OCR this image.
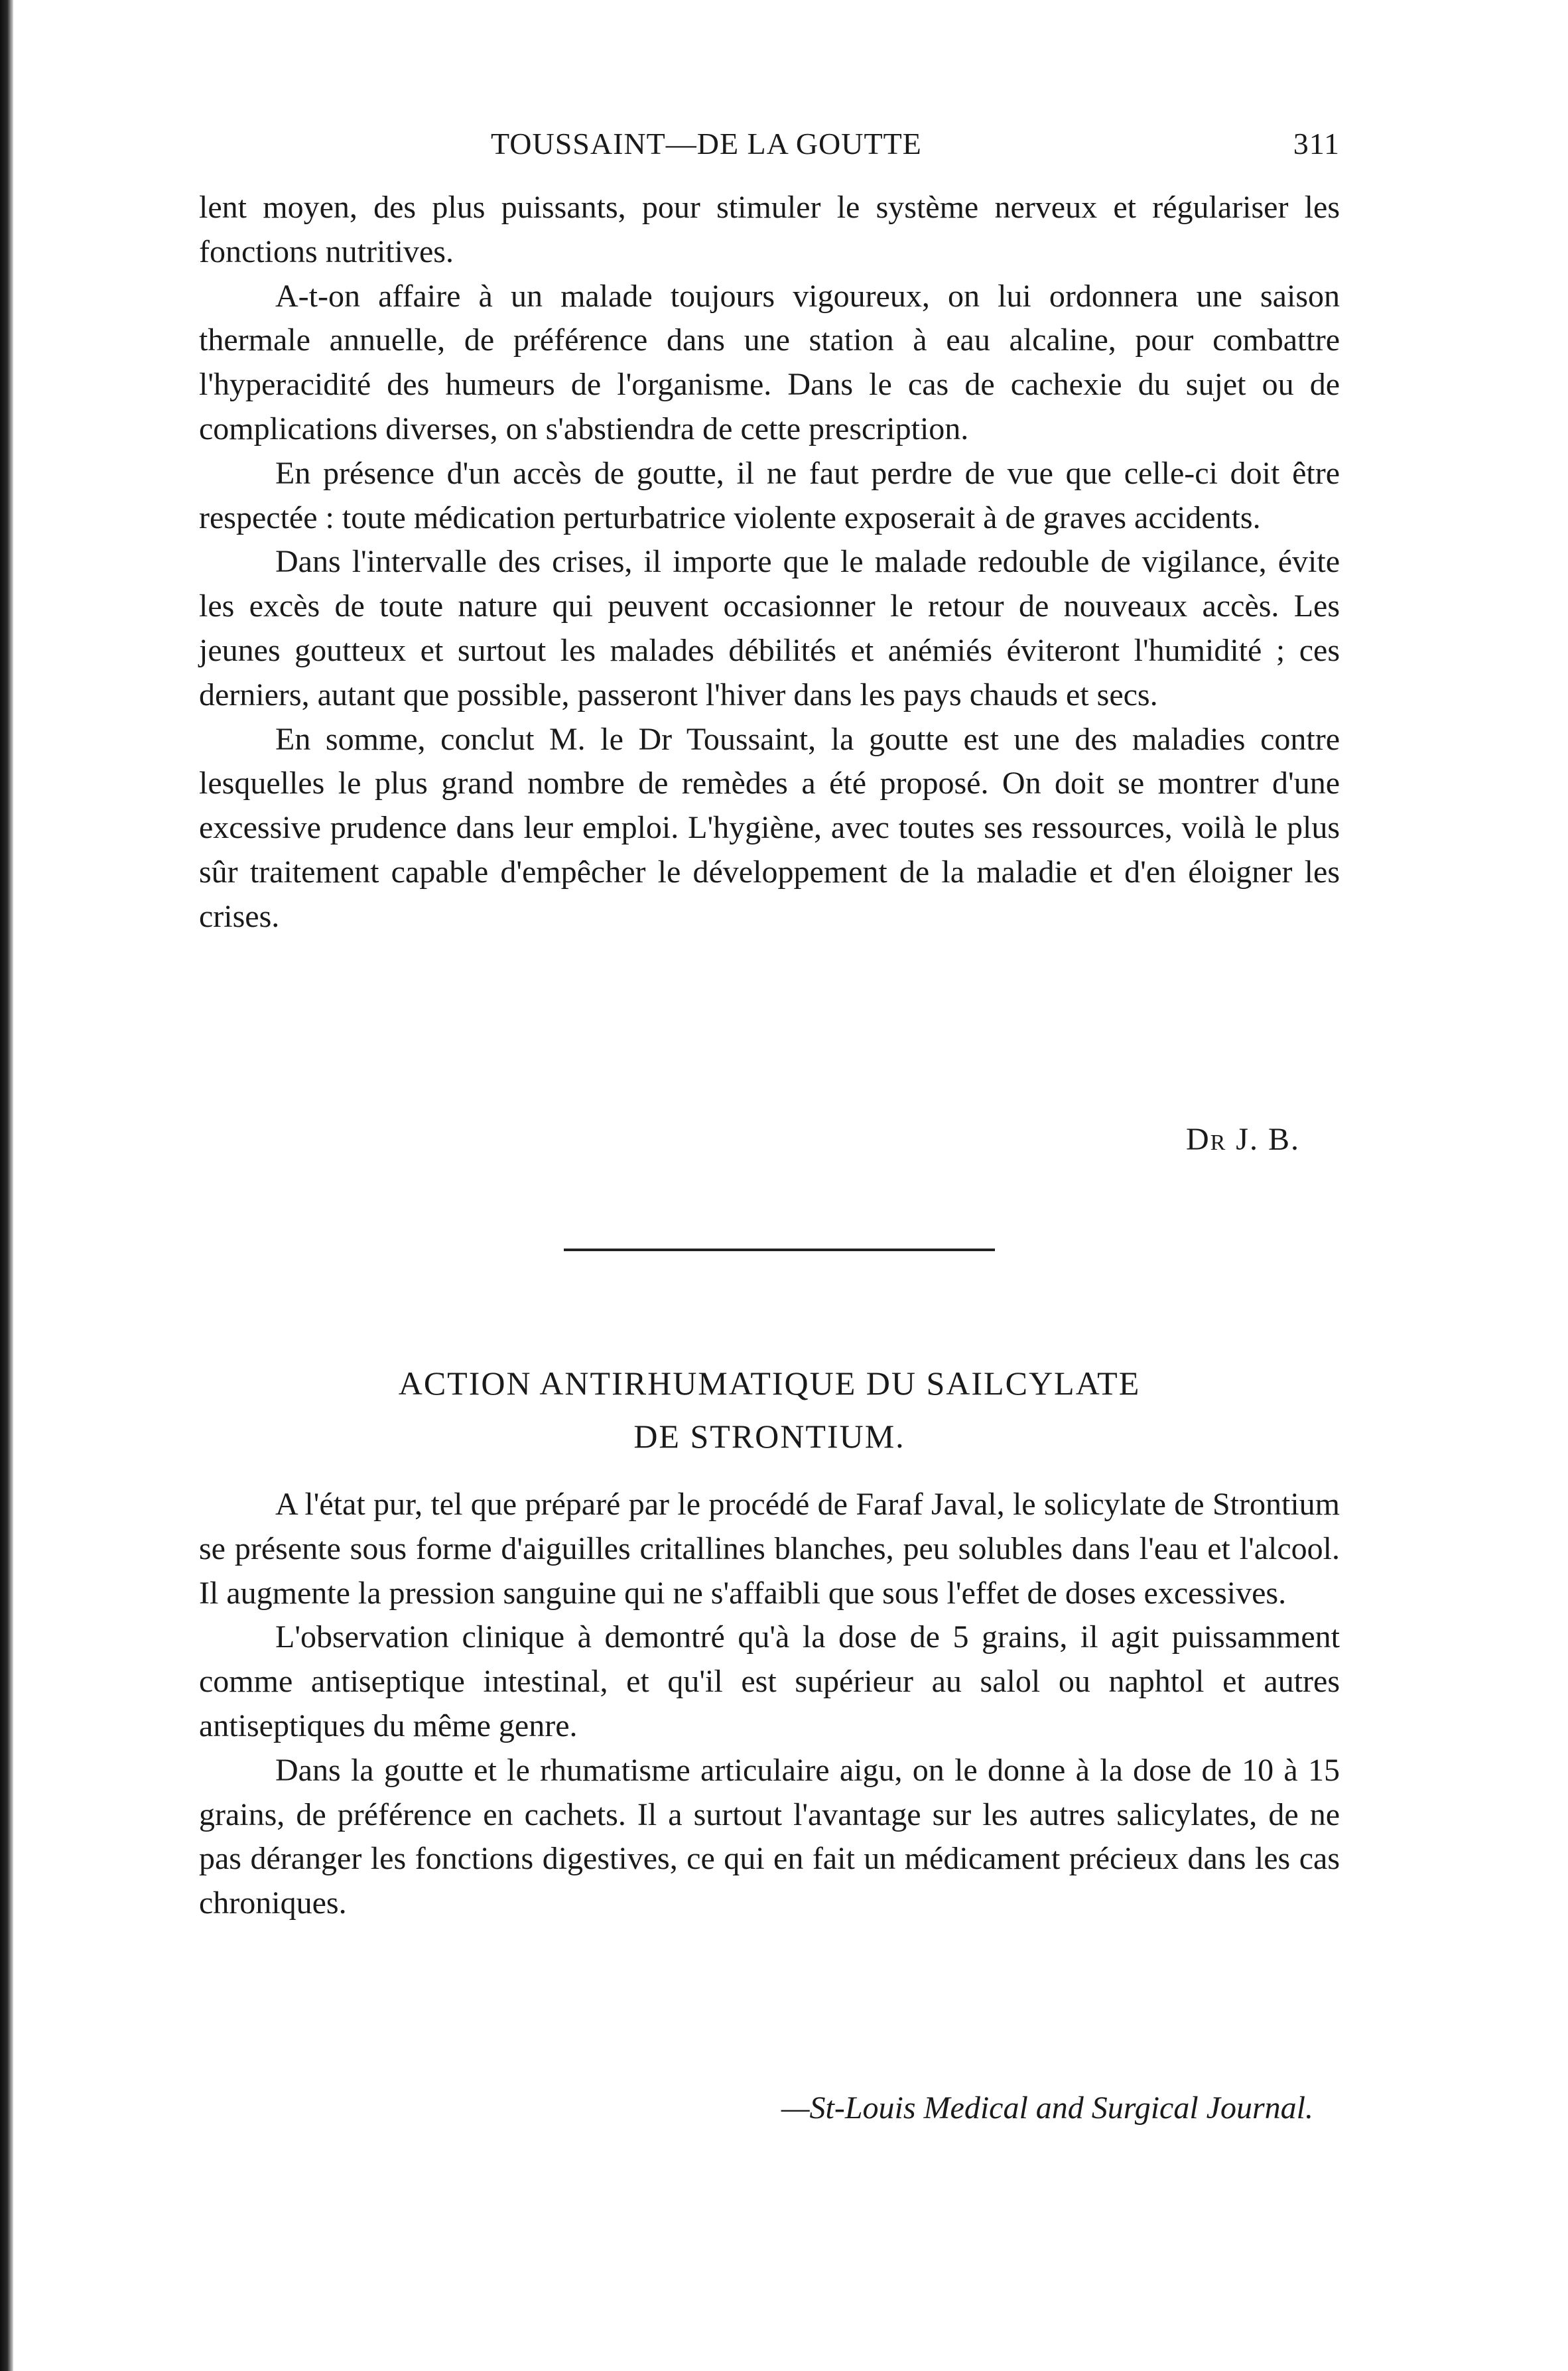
TOUSSAINT—DE LA GOUTTE	311

lent moyen, des plus puissants, pour stimuler le système nerveux et régulariser les fonctions nutritives.

A-t-on affaire à un malade toujours vigoureux, on lui ordonnera une saison thermale annuelle, de préférence dans une station à eau alcaline, pour combattre l'hyperacidité des humeurs de l'organisme. Dans le cas de cachexie du sujet ou de complications diverses, on s'abstiendra de cette prescription.

En présence d'un accès de goutte, il ne faut perdre de vue que celle-ci doit être respectée : toute médication perturbatrice violente exposerait à de graves accidents.

Dans l'intervalle des crises, il importe que le malade redouble de vigilance, évite les excès de toute nature qui peuvent occasionner le retour de nouveaux accès. Les jeunes goutteux et surtout les malades débilités et anémiés éviteront l'humidité ; ces derniers, autant que possible, passeront l'hiver dans les pays chauds et secs.

En somme, conclut M. le Dr Toussaint, la goutte est une des maladies contre lesquelles le plus grand nombre de remèdes a été proposé. On doit se montrer d'une excessive prudence dans leur emploi. L'hygiène, avec toutes ses ressources, voilà le plus sûr traitement capable d'empêcher le développement de la maladie et d'en éloigner les crises.

Dr J. B.
ACTION ANTIRHUMATIQUE DU SAILCYLATE
DE STRONTIUM.

A l'état pur, tel que préparé par le procédé de Faraf Javal, le solicylate de Strontium se présente sous forme d'aiguilles critallines blanches, peu solubles dans l'eau et l'alcool. Il augmente la pression sanguine qui ne s'affaibli que sous l'effet de doses excessives.

L'observation clinique à demontré qu'à la dose de 5 grains, il agit puissamment comme antiseptique intestinal, et qu'il est supérieur au salol ou naphtol et autres antiseptiques du même genre.

Dans la goutte et le rhumatisme articulaire aigu, on le donne à la dose de 10 à 15 grains, de préférence en cachets. Il a surtout l'avantage sur les autres salicylates, de ne pas déranger les fonctions digestives, ce qui en fait un médicament précieux dans les cas chroniques.

—St-Louis Medical and Surgical Journal.
